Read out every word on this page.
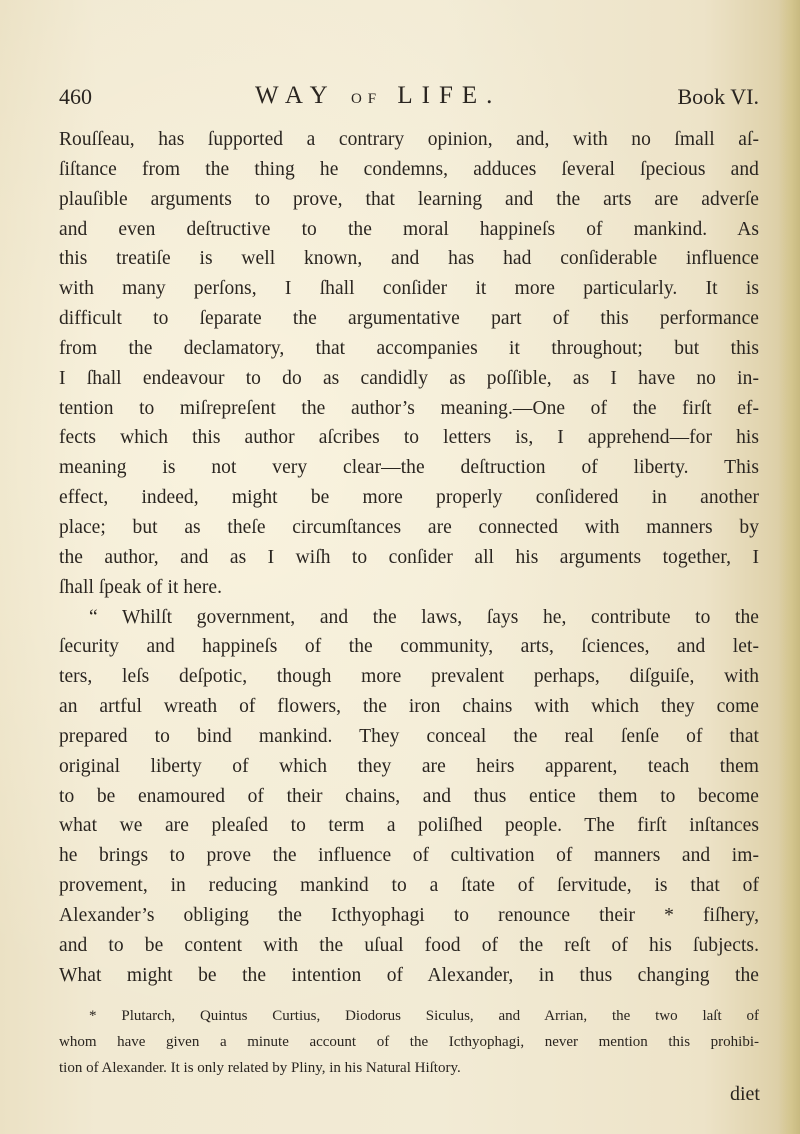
460	WAY OF LIFE.	Book VI.
Rouſſeau, has ſupported a contrary opinion, and, with no ſmall aſ-
ſiſtance from the thing he condemns, adduces ſeveral ſpecious and
plauſible arguments to prove, that learning and the arts are adverſe
and even deſtructive to the moral happineſs of mankind. As
this treatiſe is well known, and has had conſiderable influence
with many perſons, I ſhall conſider it more particularly. It is
difficult to ſeparate the argumentative part of this performance
from the declamatory, that accompanies it throughout; but this
I ſhall endeavour to do as candidly as poſſible, as I have no in-
tention to miſrepreſent the author’s meaning.—One of the firſt ef-
fects which this author aſcribes to letters is, I apprehend—for his
meaning is not very clear—the deſtruction of liberty. This
effect, indeed, might be more properly conſidered in another
place; but as theſe circumſtances are connected with manners by
the author, and as I wiſh to conſider all his arguments together, I
ſhall ſpeak of it here.
“ Whilſt government, and the laws, ſays he, contribute to the
ſecurity and happineſs of the community, arts, ſciences, and let-
ters, leſs deſpotic, though more prevalent perhaps, diſguiſe, with
an artful wreath of flowers, the iron chains with which they come
prepared to bind mankind. They conceal the real ſenſe of that
original liberty of which they are heirs apparent, teach them
to be enamoured of their chains, and thus entice them to become
what we are pleaſed to term a poliſhed people. The firſt inſtances
he brings to prove the influence of cultivation of manners and im-
provement, in reducing mankind to a ſtate of ſervitude, is that of
Alexander’s obliging the Icthyophagi to renounce their * fiſhery,
and to be content with the uſual food of the reſt of his ſubjects.
What might be the intention of Alexander, in thus changing the
* Plutarch, Quintus Curtius, Diodorus Siculus, and Arrian, the two laſt of
whom have given a minute account of the Icthyophagi, never mention this prohibi-
tion of Alexander. It is only related by Pliny, in his Natural Hiſtory.
diet
